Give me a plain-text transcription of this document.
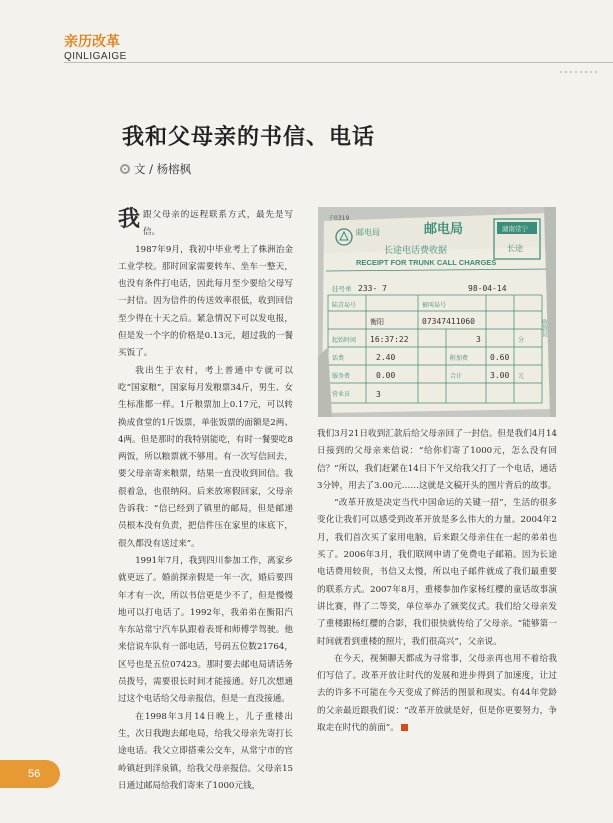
亲历改革
QINLIGAIGE
我和父母亲的书信、电话
文 / 杨榕枫

我 跟父母亲的远程联系方式，最先是写信。

1987年9月，我初中毕业考上了株洲治金工业学校。那时回家需要转车、坐车一整天，也没有条件打电话，因此每月至少要给父母写一封信。因为信件的传送效率很低，收到回信至少得在十天之后。紧急情况下可以发电报，但是发一个字的价格是0.13元，超过我的一餐买饭了。

我出生于农村，考上普通中专就可以吃“国家粮”，国家每月发粮票34斤，男生、女生标准都一样。1斤粮票加上0.17元，可以转换成食堂的1斤饭票，单张饭票的面额是2两、4两。但是那时的我特别能吃，有时一餐要吃8两饭，所以粮票就不够用。有一次写信回去，要父母亲寄来粮票，结果一直没收到回信。我很着急，也很纳闷。后来放寒假回家，父母亲告诉我：“信已经到了镇里的邮局，但是邮递员根本没有负责，把信件压在家里的床底下，很久都没有送过来”。

1991年7月，我到四川参加工作，离家乡就更远了。婚前探亲假是一年一次，婚后要四年才有一次，所以书信更是少不了，但是慢慢地可以打电话了。1992年，我弟弟在衡阳汽车东站常宁汽车队跟着表哥和师傅学驾驶。他来信说车队有一部电话，号码五位数21764，区号也是五位07423。那时要去邮电局请话务员拨号，需要很长时间才能接通。好几次想通过这个电话给父母亲报信，但是一直没接通。

在1998年3月14日晚上，儿子重楼出生，次日我跑去邮电局，给我父母亲先寄打长途电话。我父立即搭乘公交车，从常宁市的官岭镇赶到洋泉镇，给我父母亲报信。父母亲15日通过邮局给我们寄来了1000元钱，

子0319
邮电局	邮电局
长途电话费收据
RECEIPT FOR TRUNK CALL CHARGES
湖南常宁
长途
挂号单 233- 7	98-04-14
陆青局号	被叫局号
衡阳	07347411060
起始时间 16:37:22	3	分
话费	2.40	附加费	0.60
服务费	0.00	合计	3.00 元
营业员	3
收款员

我们3月21日收到汇款后给父母亲回了一封信。但是我们4月14日接到的父母亲来信说：“给你们寄了1000元，怎么没有回信？”所以，我们赶紧在14日下午又给我父打了一个电话，通话3分钟，用去了3.00元……这就是文稿开头的图片背后的故事。

“改革开放是决定当代中国命运的关键一招”，生活的很多变化让我们可以感受到改革开放是多么伟大的力量。2004年2月，我们首次买了家用电脑，后来跟父母亲住在一起的弟弟也买了。2006年3月，我们联网申请了免费电子邮箱。因为长途电话费用较贵，书信又太慢，所以电子邮件就成了我们最重要的联系方式。2007年8月，重楼参加作家杨红樱的童话故事演讲比赛，得了二等奖，单位举办了颁奖仪式。我们给父母亲发了重楼跟杨红樱的合影，我们很快就传给了父母亲。“能够第一时间就看到重楼的照片，我们很高兴”，父亲说。

在今天，视频聊天都成为寻常事，父母亲再也用不着给我们写信了。改革开放让时代的发展和进步得到了加速度，让过去的许多不可能在今天变成了鲜活的图景和现实。有44年党龄的父亲最近跟我们说：“改革开放就是好，但是你更要努力，争取走在时代的前面”。

56
